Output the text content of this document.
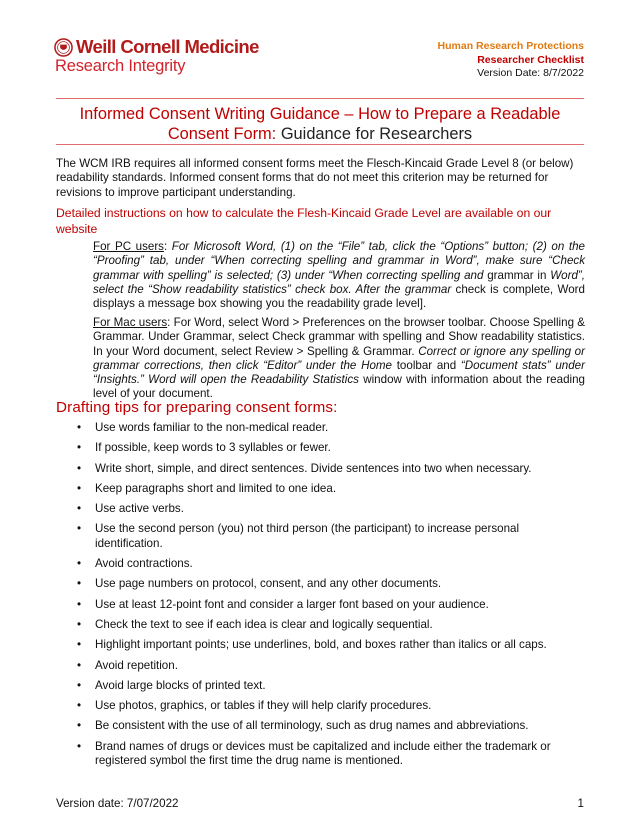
Weill Cornell Medicine
Research Integrity
Human Research Protections
Researcher Checklist
Version Date: 8/7/2022
Informed Consent Writing Guidance – How to Prepare a Readable Consent Form: Guidance for Researchers
The WCM IRB requires all informed consent forms meet the Flesch-Kincaid Grade Level 8 (or below) readability standards. Informed consent forms that do not meet this criterion may be returned for revisions to improve participant understanding.
Detailed instructions on how to calculate the Flesh-Kincaid Grade Level are available on our website
For PC users: For Microsoft Word, (1) on the “File” tab, click the “Options” button; (2) on the “Proofing” tab, under “When correcting spelling and grammar in Word”, make sure “Check grammar with spelling” is selected; (3) under “When correcting spelling and grammar in Word”, select the “Show readability statistics” check box. After the grammar check is complete, Word displays a message box showing you the readability grade level].
For Mac users: For Word, select Word > Preferences on the browser toolbar. Choose Spelling & Grammar. Under Grammar, select Check grammar with spelling and Show readability statistics. In your Word document, select Review > Spelling & Grammar. Correct or ignore any spelling or grammar corrections, then click “Editor” under the Home toolbar and “Document stats” under “Insights.” Word will open the Readability Statistics window with information about the reading level of your document.
Drafting tips for preparing consent forms:
• Use words familiar to the non-medical reader.
• If possible, keep words to 3 syllables or fewer.
• Write short, simple, and direct sentences. Divide sentences into two when necessary.
• Keep paragraphs short and limited to one idea.
• Use active verbs.
• Use the second person (you) not third person (the participant) to increase personal identification.
• Avoid contractions.
• Use page numbers on protocol, consent, and any other documents.
• Use at least 12-point font and consider a larger font based on your audience.
• Check the text to see if each idea is clear and logically sequential.
• Highlight important points; use underlines, bold, and boxes rather than italics or all caps.
• Avoid repetition.
• Avoid large blocks of printed text.
• Use photos, graphics, or tables if they will help clarify procedures.
• Be consistent with the use of all terminology, such as drug names and abbreviations.
• Brand names of drugs or devices must be capitalized and include either the trademark or registered symbol the first time the drug name is mentioned.
Version date: 7/07/2022	1
